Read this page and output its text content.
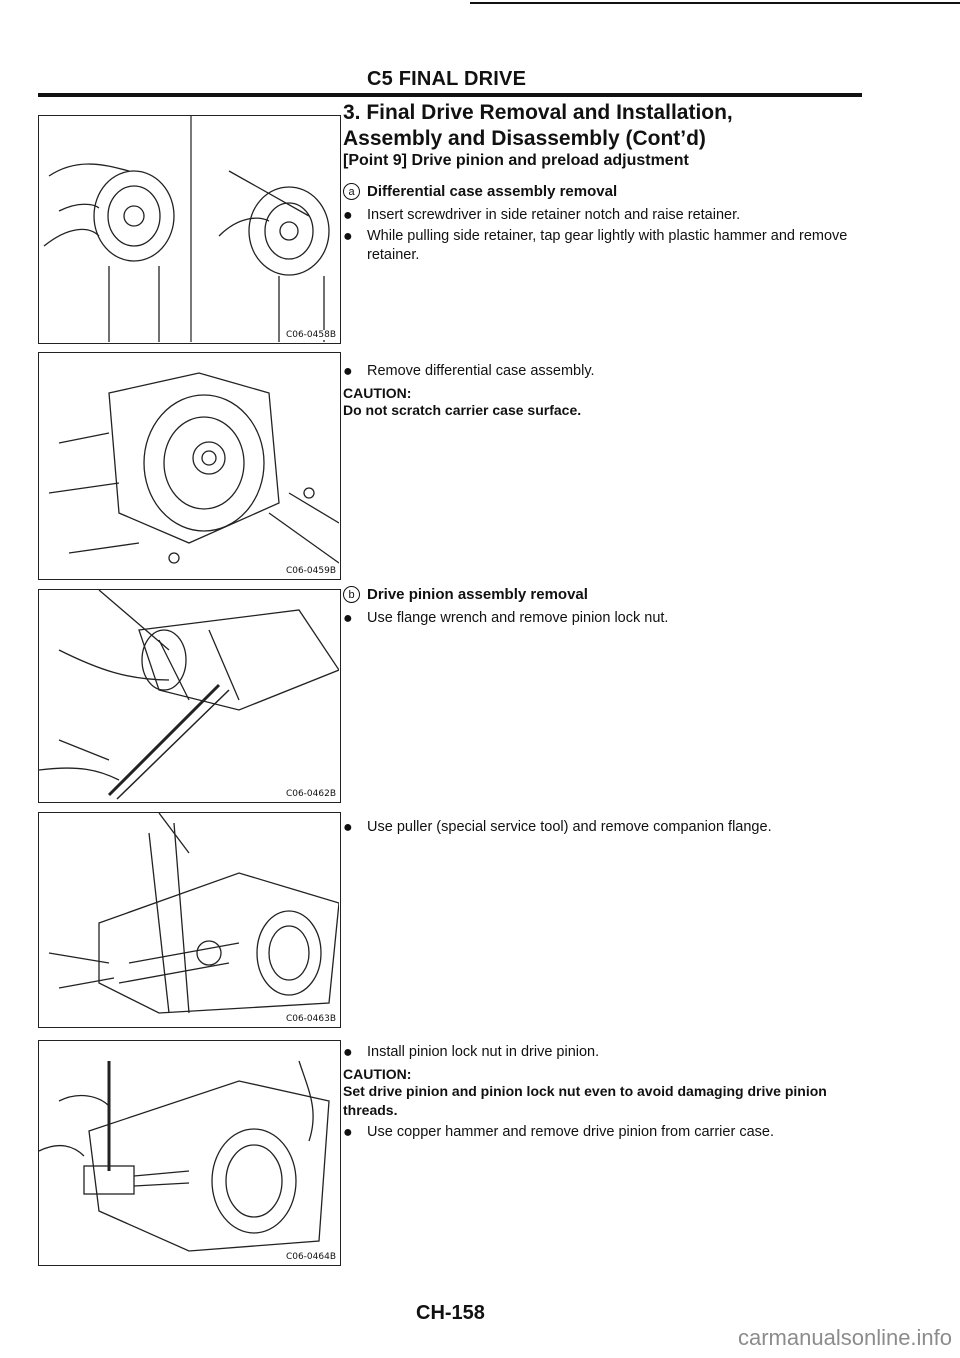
C5 FINAL DRIVE
3. Final Drive Removal and Installation,
Assembly and Disassembly (Cont’d)
[Point 9] Drive pinion and preload adjustment
C06-0458B
C06-0459B
C06-0462B
C06-0463B
C06-0464B
a Differential case assembly removal
● Insert screwdriver in side retainer notch and raise retainer.
● While pulling side retainer, tap gear lightly with plastic hammer and remove retainer.
● Remove differential case assembly.
CAUTION:
Do not scratch carrier case surface.
b Drive pinion assembly removal
● Use flange wrench and remove pinion lock nut.
● Use puller (special service tool) and remove companion flange.
● Install pinion lock nut in drive pinion.
CAUTION:
Set drive pinion and pinion lock nut even to avoid damaging drive pinion threads.
● Use copper hammer and remove drive pinion from carrier case.
CH-158
carmanualsonline.info
